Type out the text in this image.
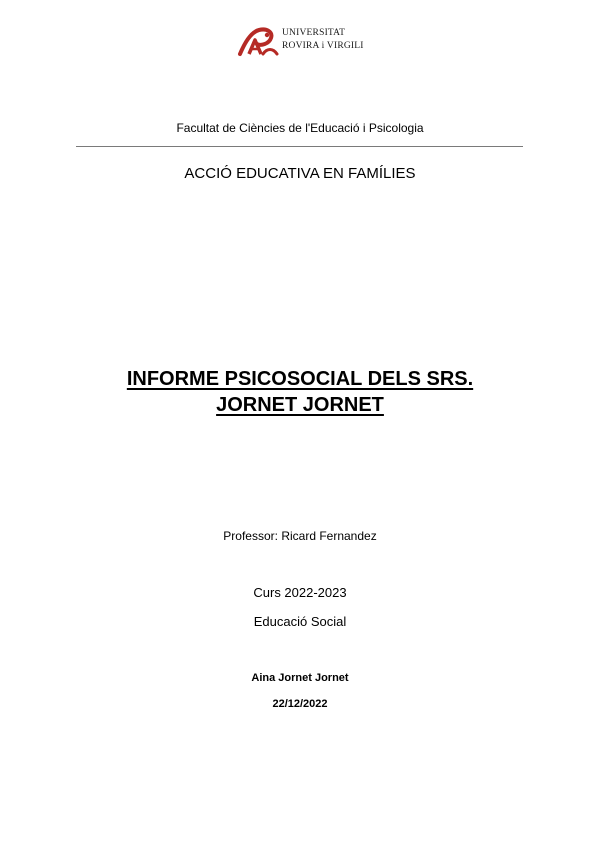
UNIVERSITAT
ROVIRA i VIRGILI
Facultat de Ciències de l'Educació i Psicologia
ACCIÓ EDUCATIVA EN FAMÍLIES
INFORME PSICOSOCIAL DELS SRS.
JORNET JORNET
Professor: Ricard Fernandez
Curs 2022-2023
Educació Social
Aina Jornet Jornet
22/12/2022
